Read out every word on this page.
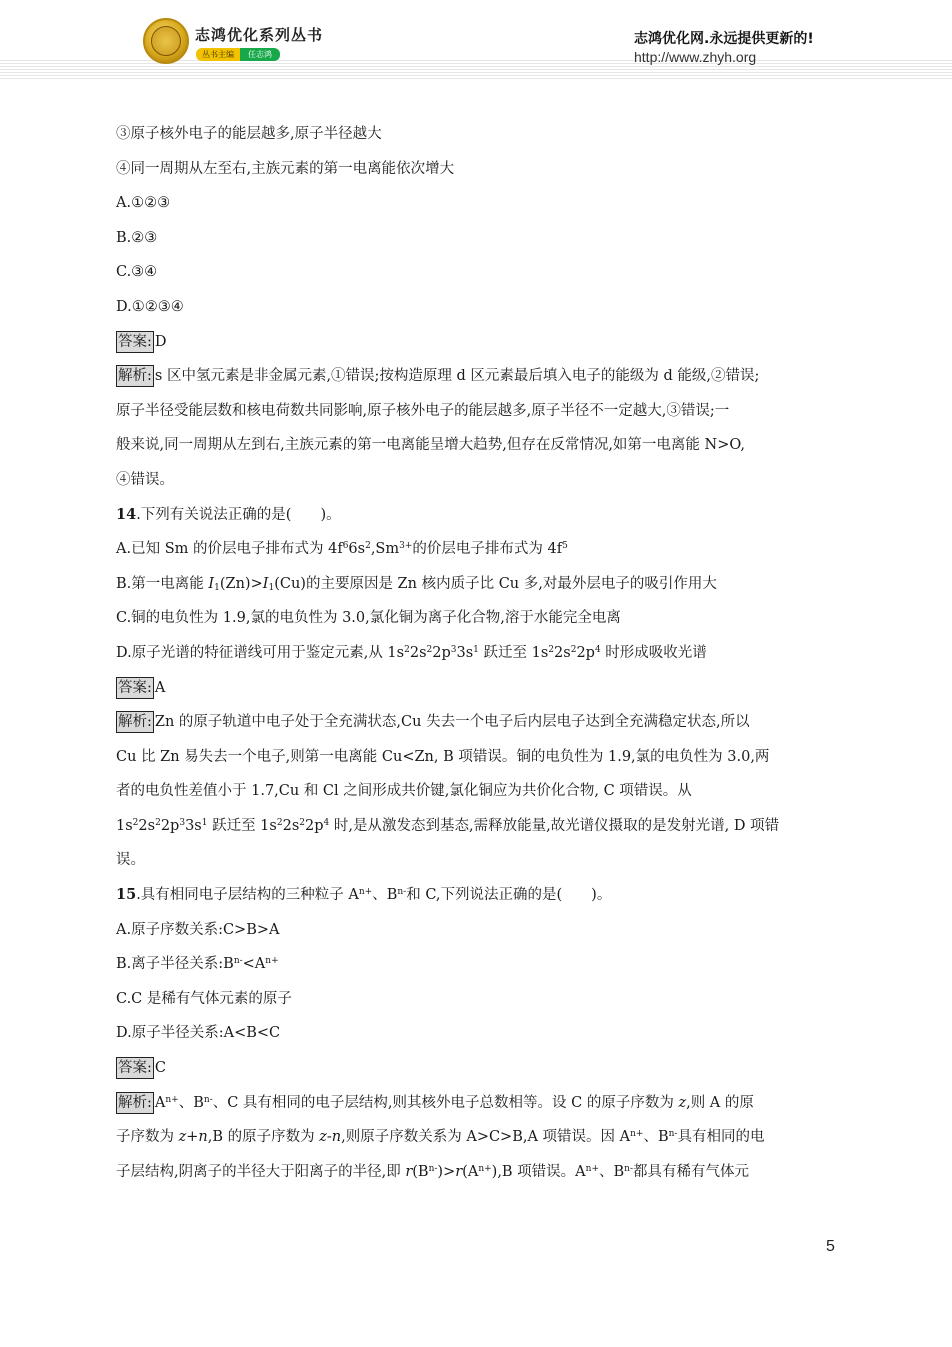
志鸿优化系列丛书
丛书主编	任志鸿
志鸿优化网.永远提供更新的!
http://www.zhyh.org
③原子核外电子的能层越多,原子半径越大
④同一周期从左至右,主族元素的第一电离能依次增大
A.①②③
B.②③
C.③④
D.①②③④
答案: D
解析: s 区中氢元素是非金属元素,①错误;按构造原理 d 区元素最后填入电子的能级为 d 能级,②错误;
原子半径受能层数和核电荷数共同影响,原子核外电子的能层越多,原子半径不一定越大,③错误;一
般来说,同一周期从左到右,主族元素的第一电离能呈增大趋势,但存在反常情况,如第一电离能 N>O,
④错误。
14.下列有关说法正确的是(　　)。
A.已知 Sm 的价层电子排布式为 $4f^66s^2,Sm^{3+}$的价层电子排布式为 $4f^5$
B.第一电离能 $I_1(Zn)>I_1(Cu)$的主要原因是 Zn 核内质子比 Cu 多,对最外层电子的吸引作用大
C.铜的电负性为 1.9,氯的电负性为 3.0,氯化铜为离子化合物,溶于水能完全电离
D.原子光谱的特征谱线可用于鉴定元素,从 $1s^22s^22p^33s^1$ 跃迁至 $1s^22s^22p^4$ 时形成吸收光谱
答案: A
解析: Zn 的原子轨道中电子处于全充满状态,Cu 失去一个电子后内层电子达到全充满稳定状态,所以
Cu 比 Zn 易失去一个电子,则第一电离能 Cu<Zn, B 项错误。铜的电负性为 1.9,氯的电负性为 3.0,两
者的电负性差值小于 1.7,Cu 和 Cl 之间形成共价键,氯化铜应为共价化合物, C 项错误。从
$1s^22s^22p^33s^1$ 跃迁至 $1s^22s^22p^4$ 时,是从激发态到基态,需释放能量,故光谱仪摄取的是发射光谱, D 项错
误。
15.具有相同电子层结构的三种粒子 $A^{n+}$、$B^{n-}$和 C,下列说法正确的是(　　)。
A.原子序数关系:C>B>A
B.离子半径关系$:B^{n-}<A^{n+}$
C.C 是稀有气体元素的原子
D.原子半径关系:A<B<C
答案: C
解析: $A^{n+}$、$B^{n-}$、C 具有相同的电子层结构,则其核外电子总数相等。设 C 的原子序数为 z,则 A 的原
子序数为 z+n,B 的原子序数为 z-n,则原子序数关系为 A>C>B,A 项错误。因 $A^{n+}$、$B^{n-}$具有相同的电
子层结构,阴离子的半径大于阳离子的半径,即 $r(B^{n-})>r(A^{n+}),B$ 项错误。$A^{n+}$、$B^{n-}$都具有稀有气体元
5
